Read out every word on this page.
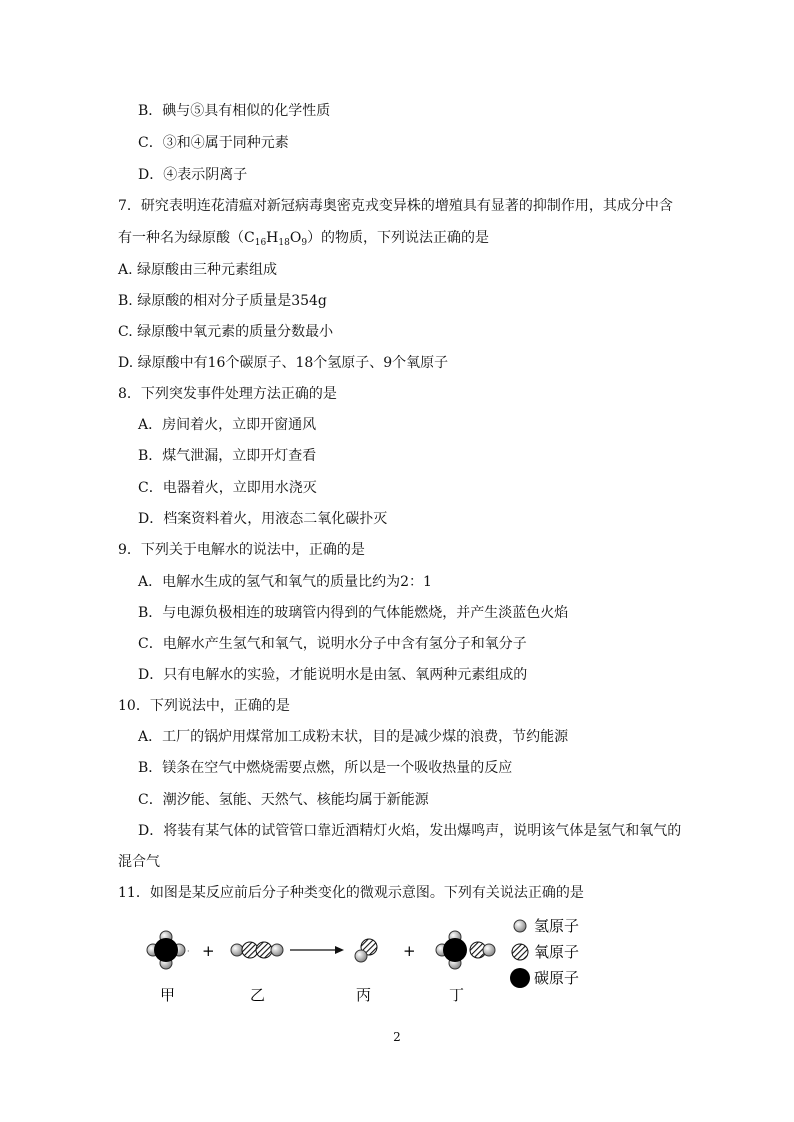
B．碘与⑤具有相似的化学性质
C．③和④属于同种元素
D．④表示阴离子
7．研究表明连花清瘟对新冠病毒奥密克戎变异株的增殖具有显著的抑制作用，其成分中含
有一种名为绿原酸$(C_{16}H_{18}O_9)$的物质，下列说法正确的是
A. 绿原酸由三种元素组成
B. 绿原酸的相对分子质量是354g
C. 绿原酸中氧元素的质量分数最小
D. 绿原酸中有16个碳原子、18个氢原子、9个氧原子
8．下列突发事件处理方法正确的是
A．房间着火，立即开窗通风
B．煤气泄漏，立即开灯查看
C．电器着火，立即用水浇灭
D．档案资料着火，用液态二氧化碳扑灭
9．下列关于电解水的说法中，正确的是
A．电解水生成的氢气和氧气的质量比约为2：1
B．与电源负极相连的玻璃管内得到的气体能燃烧，并产生淡蓝色火焰
C．电解水产生氢气和氧气，说明水分子中含有氢分子和氧分子
D．只有电解水的实验，才能说明水是由氢、氧两种元素组成的
10．下列说法中，正确的是
A．工厂的锅炉用煤常加工成粉末状，目的是减少煤的浪费，节约能源
B．镁条在空气中燃烧需要点燃，所以是一个吸收热量的反应
C．潮汐能、氢能、天然气、核能均属于新能源
D．将装有某气体的试管管口靠近酒精灯火焰，发出爆鸣声，说明该气体是氢气和氧气的
混合气
11．如图是某反应前后分子种类变化的微观示意图。下列有关说法正确的是
· +	+
甲	乙	丙	丁
氢原子
氧原子
碳原子
2
